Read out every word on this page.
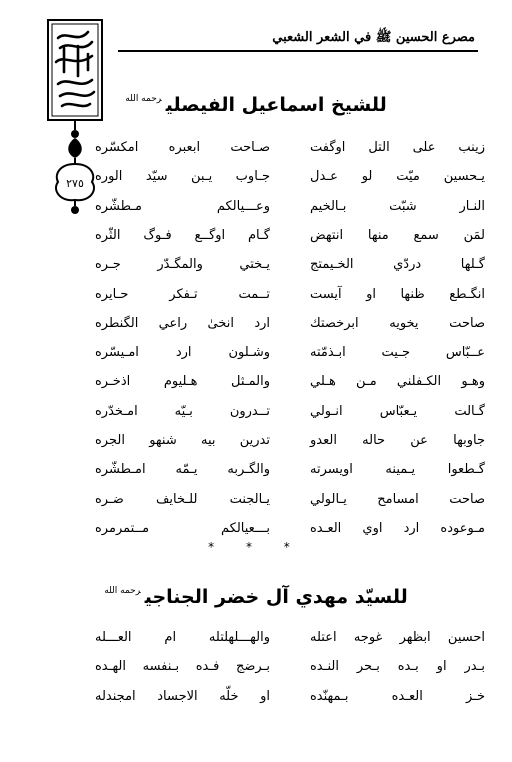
٢٧٥
مصرع الحسين ﷺ في الشعر الشعبي
للشيخ اسماعيل الفيصلي$^{رحمه الله}$
زينب على التل اوگفت
صـاحت ابعبره امكسّره
يـحسين ميّت لو عـدل
جـاوب يـبن سيّد الوره
النـار شبّت بـالخيم
وعـــيالكم مـطشّره
لمَن سمع منها انتهض
گـام اوگــع فـوگ الثّره
گـلها دردّي الخـيمتج
يـختي والمگـدّر جـره
انگـطع ظنها او آيست
تــمت تـفكر حـايره
صاحت يخويه ابرخصتك
ارد انخىٰ راعي الگنطره
عــبّاس جـيت ابـذمّته
وشـلون ارد امـيسّره
وهـو الكـفلني مـن هـلي
والمـثل هـليوم اذخـره
گـالت يـعبّاس انـولي
تــدرون بـيّه امـخدّره
جاوبها عن حاله العدو
تدرين بيه شنهو الجره
گـطعوا يـمينه اويسرته
والگـربه يـمّه امـطشّره
صاحت امسامح يـالولي
يـالجنت للـخايف ضـره
مـوعوده ارد اوي العـده
بـــعيالكم مــتمرمره
* * *
للسيّد مهدي آل خضر الجناجي$^{رحمه الله}$
احسين ابظهر غوجه اعتله
والهـــلهلتله ام العـــله
بـدر او بـده بـحر النـده
بـرضج فـده بـنفسه الهـده
خـز العـده بـمهنّده
او خلّه الاجساد امجندله
